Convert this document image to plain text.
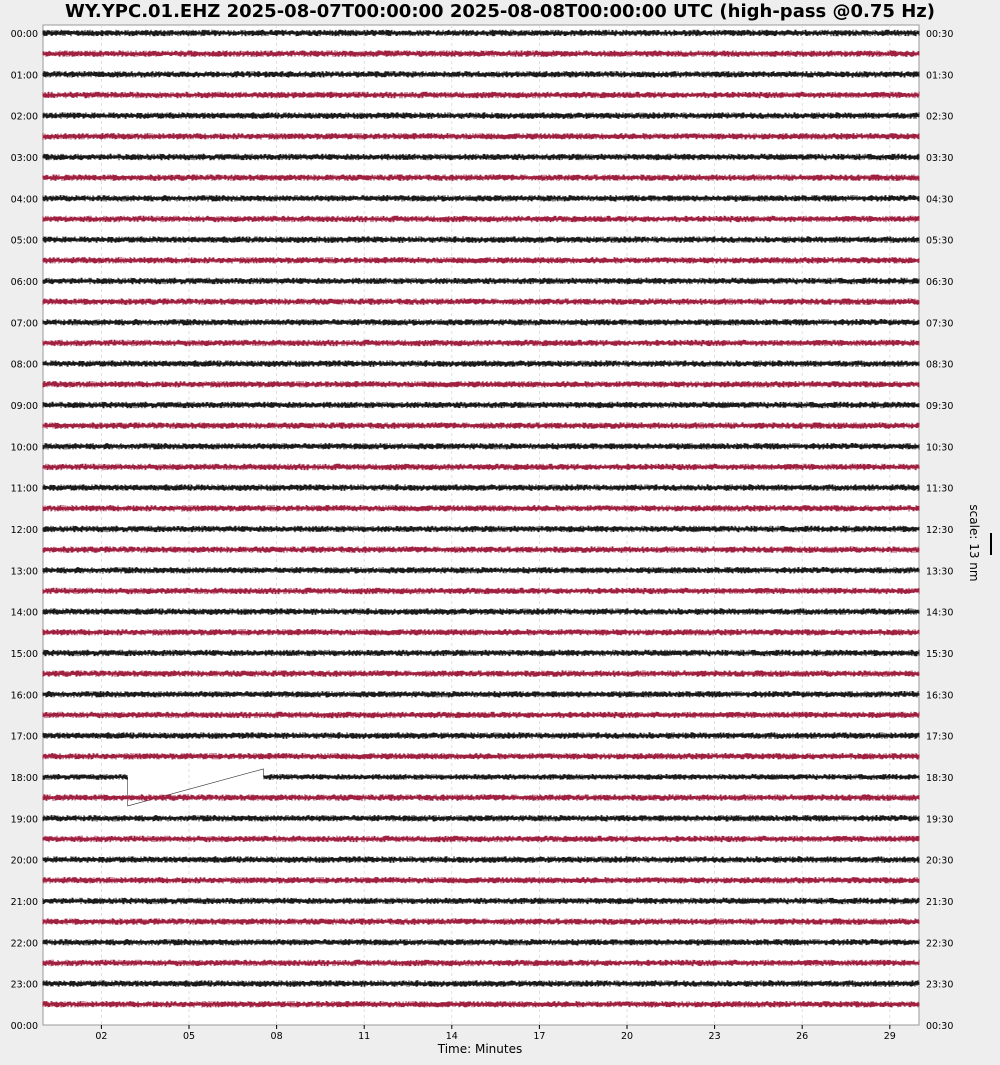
WY.YPC.01.EHZ 2025-08-07T00:00:00 2025-08-08T00:00:00 UTC (high-pass @0.75 Hz)
00:00
01:00
02:00
03:00
04:00
05:00
06:00
07:00
08:00
09:00
10:00
11:00
12:00
13:00
14:00
15:00
16:00
17:00
18:00
19:00
20:00
21:00
22:00
23:00
00:00
00:30
01:30
02:30
03:30
04:30
05:30
06:30
07:30
08:30
09:30
10:30
11:30
12:30
13:30
14:30
15:30
16:30
17:30
18:30
19:30
20:30
21:30
22:30
23:30
00:30
02	05	08	11	14	17	20	23	26	29
Time: Minutes
scale: 13 nm
